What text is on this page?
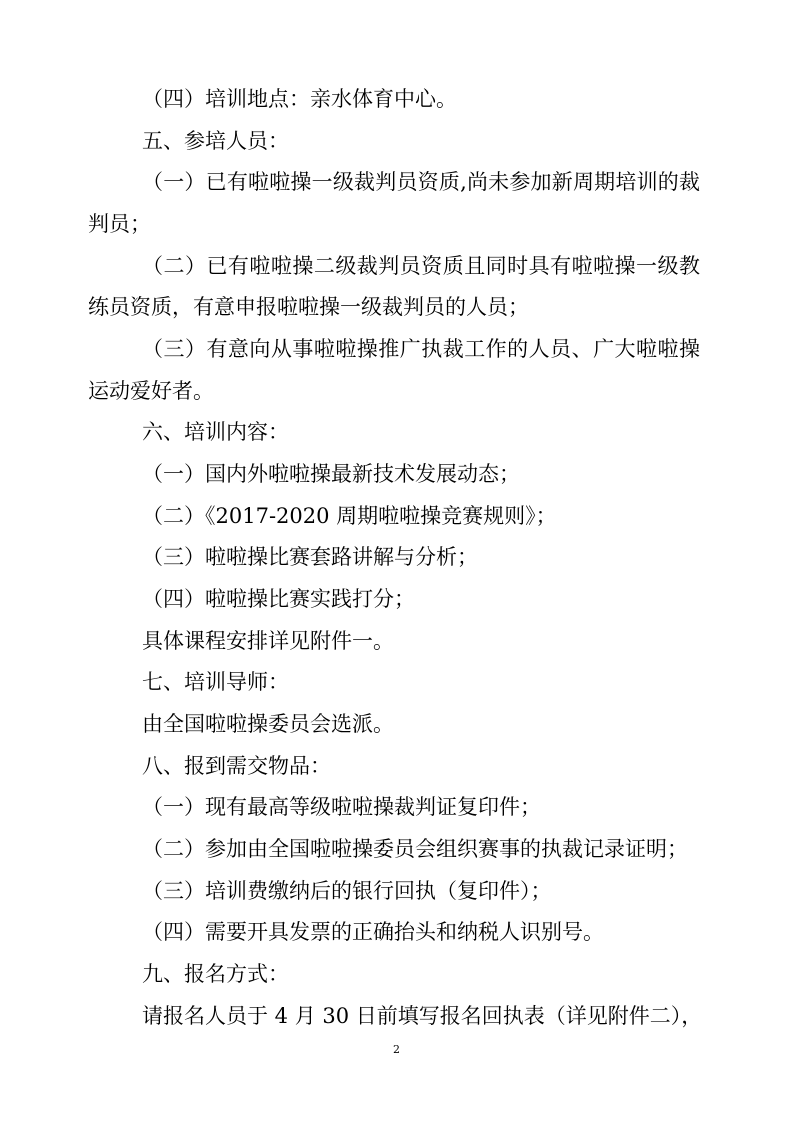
（四）培训地点：亲水体育中心。
五、参培人员：
（一）已有啦啦操一级裁判员资质,尚未参加新周期培训的裁
判员；
（二）已有啦啦操二级裁判员资质且同时具有啦啦操一级教
练员资质，有意申报啦啦操一级裁判员的人员；
（三）有意向从事啦啦操推广执裁工作的人员、广大啦啦操
运动爱好者。
六、培训内容：
（一）国内外啦啦操最新技术发展动态；
（二）《2017-2020 周期啦啦操竞赛规则》；
（三）啦啦操比赛套路讲解与分析；
（四）啦啦操比赛实践打分；
具体课程安排详见附件一。
七、培训导师：
由全国啦啦操委员会选派。
八、报到需交物品：
（一）现有最高等级啦啦操裁判证复印件；
（二）参加由全国啦啦操委员会组织赛事的执裁记录证明；
（三）培训费缴纳后的银行回执（复印件）；
（四）需要开具发票的正确抬头和纳税人识别号。
九、报名方式：
请报名人员于 4 月 30 日前填写报名回执表（详见附件二），
2
